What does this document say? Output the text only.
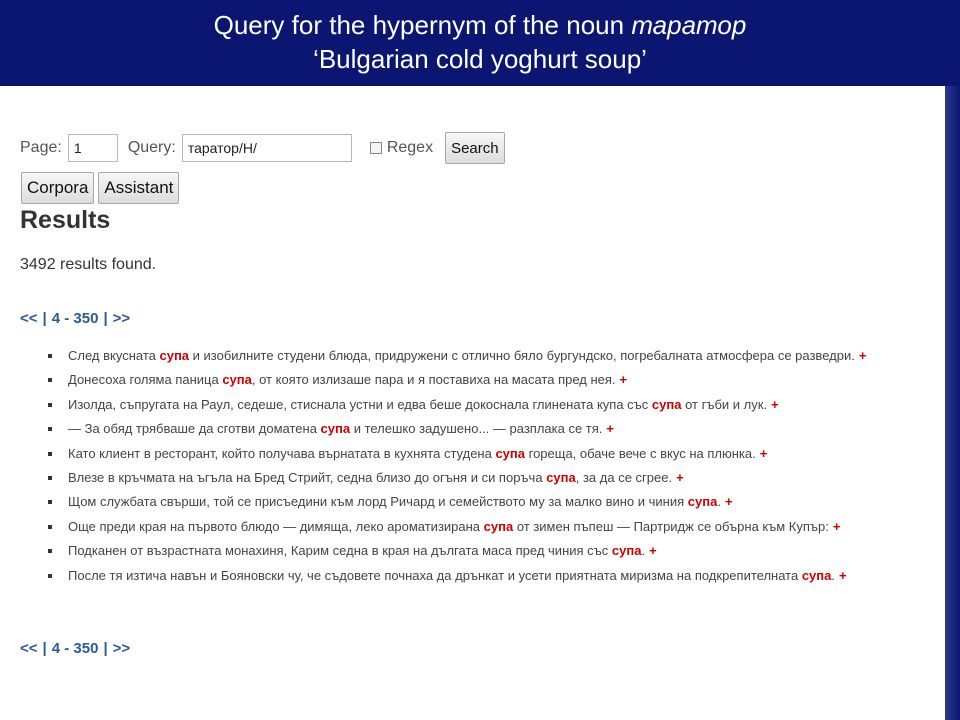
Query for the hypernym of the noun таратор
‘Bulgarian cold yoghurt soup’
Page:
1	Query:
таратор/Н/	Regex	Search
Corpora Assistant
Results
3492 results found.
<< | 4 - 350 | >>
След вкусната супа и изобилните студени блюда, придружени с отлично бяло бургундско, погребалната атмосфера се разведри. +
Донесоха голяма паница супа, от която излизаше пара и я поставиха на масата пред нея. +
Изолда, съпругата на Раул, седеше, стиснала устни и едва беше докоснала глинената купа със супа от гъби и лук. +
— За обяд трябваше да сготви доматена супа и телешко задушено... — разплака се тя. +
Като клиент в ресторант, който получава върнатата в кухнята студена супа гореща, обаче вече с вкус на плюнка. +
Влезе в кръчмата на ъгъла на Бред Стрийт, седна близо до огъня и си поръча супа, за да се сгрее. +
Щом службата свърши, той се присъедини към лорд Ричард и семейството му за малко вино и чиния супа. +
Още преди края на първото блюдо — димяща, леко ароматизирана супа от зимен пъпеш — Партридж се обърна към Купър: +
Подканен от възрастната монахиня, Карим седна в края на дългата маса пред чиния със супа. +
После тя изтича навън и Бояновски чу, че съдовете почнаха да дрънкат и усети приятната миризма на подкрепителната супа. +
<< | 4 - 350 | >>
